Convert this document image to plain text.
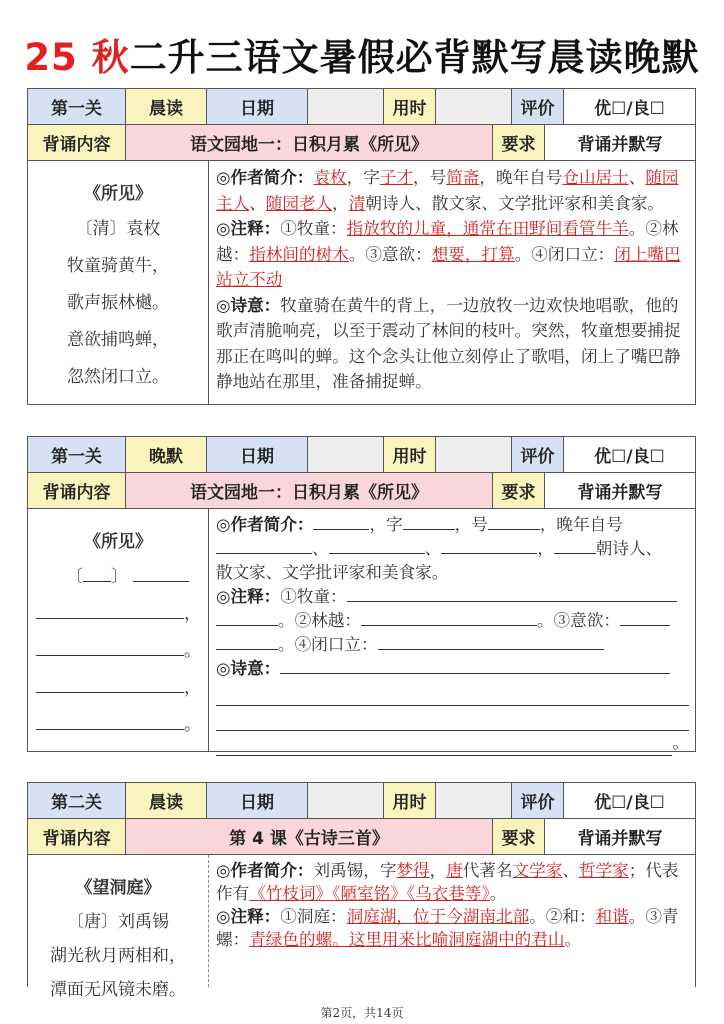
25 秋二升三语文暑假必背默写晨读晚默
第一关	晨读	日期	用时	评价	优☐/良☐
背诵内容	语文园地一：日积月累《所见》	要求	背诵并默写
《所见》
〔清〕袁枚
牧童骑黄牛，
歌声振林樾。
意欲捕鸣蝉，
忽然闭口立。
◎作者简介：袁枚，字子才，号简斋，晚年自号仓山居士、随园主人、随园老人，清朝诗人、散文家、文学批评家和美食家。
◎注释：①牧童：指放牧的儿童，通常在田野间看管牛羊。②林越：指林间的树木。③意欲：想要，打算。④闭口立：闭上嘴巴站立不动
◎诗意：牧童骑在黄牛的背上，一边放牧一边欢快地唱歌，他的歌声清脆响亮，以至于震动了林间的枝叶。突然，牧童想要捕捉那正在鸣叫的蝉。这个念头让他立刻停止了歌唱，闭上了嘴巴静静地站在那里，准备捕捉蝉。
第一关	晚默	日期	用时	评价	优☐/良☐
背诵内容	语文园地一：日积月累《所见》	要求	背诵并默写
《所见》
〔 〕
，
。
，
。
◎作者简介：	，字	，号	，晚年自号
、	、	，	朝诗人、
散文家、文学批评家和美食家。
◎注释：①牧童：
。②林越：	。③意欲：
。④闭口立：
◎诗意：
。
第二关	晨读	日期	用时	评价	优☐/良☐
背诵内容	第 4 课《古诗三首》	要求	背诵并默写
《望洞庭》
〔唐〕刘禹锡
湖光秋月两相和，
潭面无风镜未磨。
◎作者简介：刘禹锡，字梦得，唐代著名文学家、哲学家；代表作有《竹枝词》《陋室铭》《乌衣巷等》。
◎注释：①洞庭：洞庭湖，位于今湖南北部。②和：和谐。③青螺：青绿色的螺。这里用来比喻洞庭湖中的君山。
第2页，共14页
